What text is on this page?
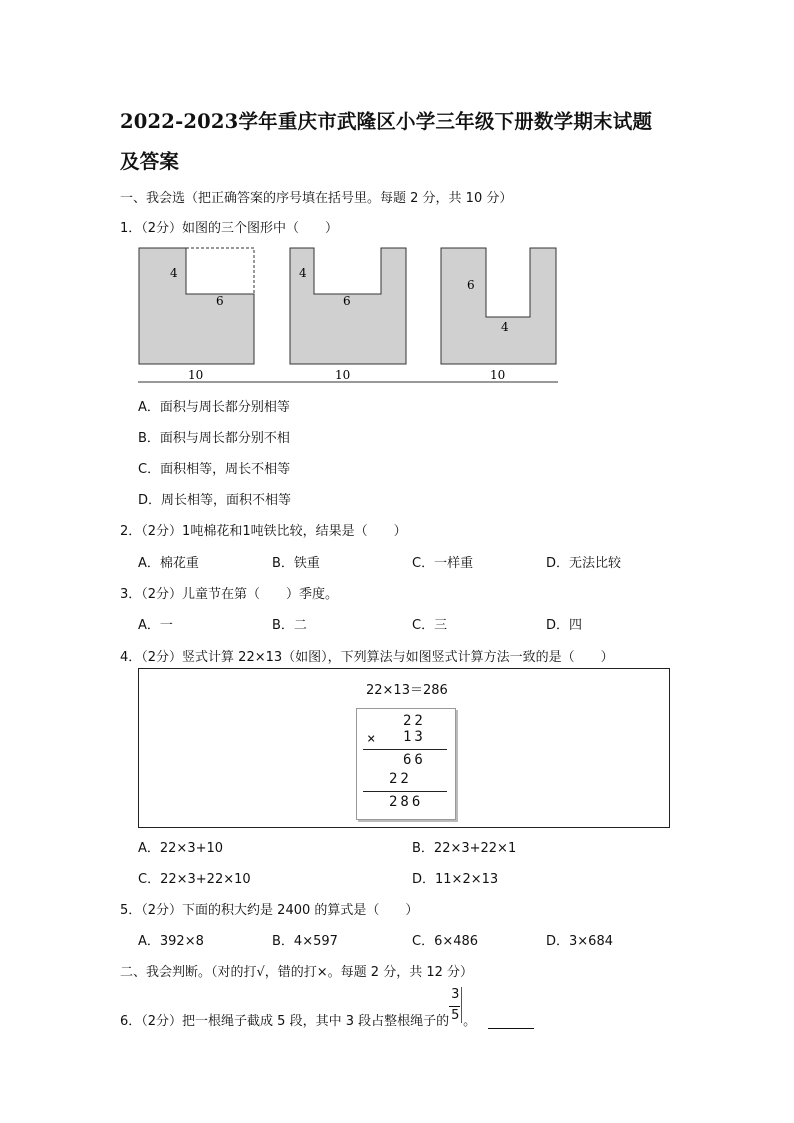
2022-2023学年重庆市武隆区小学三年级下册数学期末试题
及答案
一、我会选（把正确答案的序号填在括号里。每题 2 分，共 10 分）
1．（2分）如图的三个图形中（　　）
4
6
10
4
6
10
6
4
10
A．面积与周长都分别相等
B．面积与周长都分别不相
C．面积相等，周长不相等
D．周长相等，面积不相等
2．（2分）1吨棉花和1吨铁比较，结果是（　　）
A．棉花重	B．铁重	C．一样重	D．无法比较
3．（2分）儿童节在第（　　）季度。
A．一	B．二	C．三	D．四
4．（2分）竖式计算 22×13（如图），下列算法与如图竖式计算方法一致的是（　　）
22×13＝286
22
× 13
66
22
286
A．22×3+10	B．22×3+22×1
C．22×3+22×10	D．11×2×13
5．（2分）下面的积大约是 2400 的算式是（　　）
A．392×8	B．4×597	C．6×486	D．3×684
二、我会判断。（对的打√，错的打×。每题 2 分，共 12 分）
6．（2分）把一根绳子截成 5 段，其中 3 段占整根绳子的 $\frac{3}{5}$ 。
